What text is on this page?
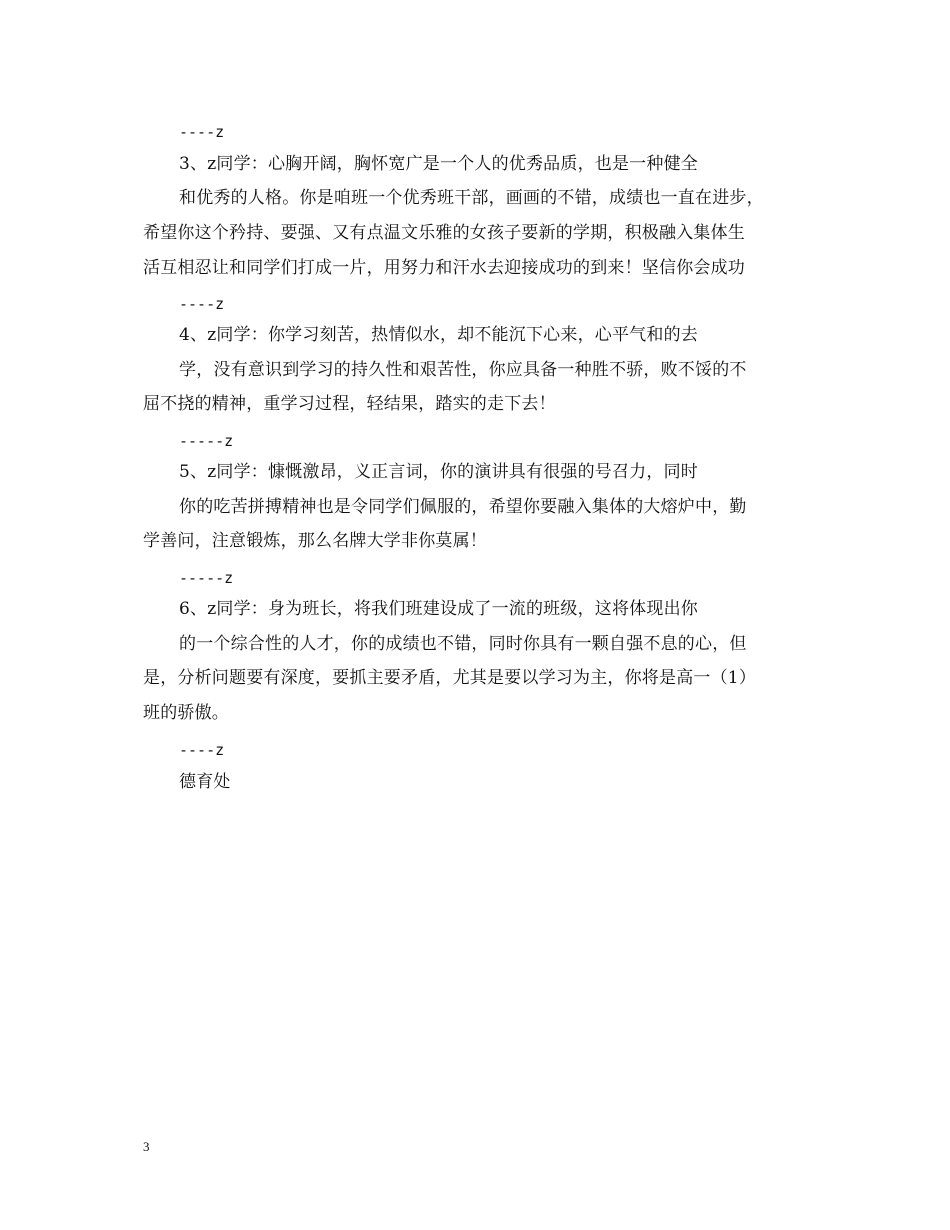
----z
3、z同学：心胸开阔，胸怀宽广是一个人的优秀品质，也是一种健全
和优秀的人格。你是咱班一个优秀班干部，画画的不错，成绩也一直在进步，
希望你这个矜持、要强、又有点温文乐雅的女孩子要新的学期，积极融入集体生
活互相忍让和同学们打成一片，用努力和汗水去迎接成功的到来！坚信你会成功
----z
4、z同学：你学习刻苦，热情似水，却不能沉下心来，心平气和的去
学，没有意识到学习的持久性和艰苦性，你应具备一种胜不骄，败不馁的不
屈不挠的精神，重学习过程，轻结果，踏实的走下去！
-----z
5、z同学：慷慨激昂，义正言词，你的演讲具有很强的号召力，同时
你的吃苦拼搏精神也是令同学们佩服的，希望你要融入集体的大熔炉中，勤
学善问，注意锻炼，那么名牌大学非你莫属！
-----z
6、z同学：身为班长，将我们班建设成了一流的班级，这将体现出你
的一个综合性的人才，你的成绩也不错，同时你具有一颗自强不息的心，但
是，分析问题要有深度，要抓主要矛盾，尤其是要以学习为主，你将是高一（1）
班的骄傲。
----z
德育处
3
